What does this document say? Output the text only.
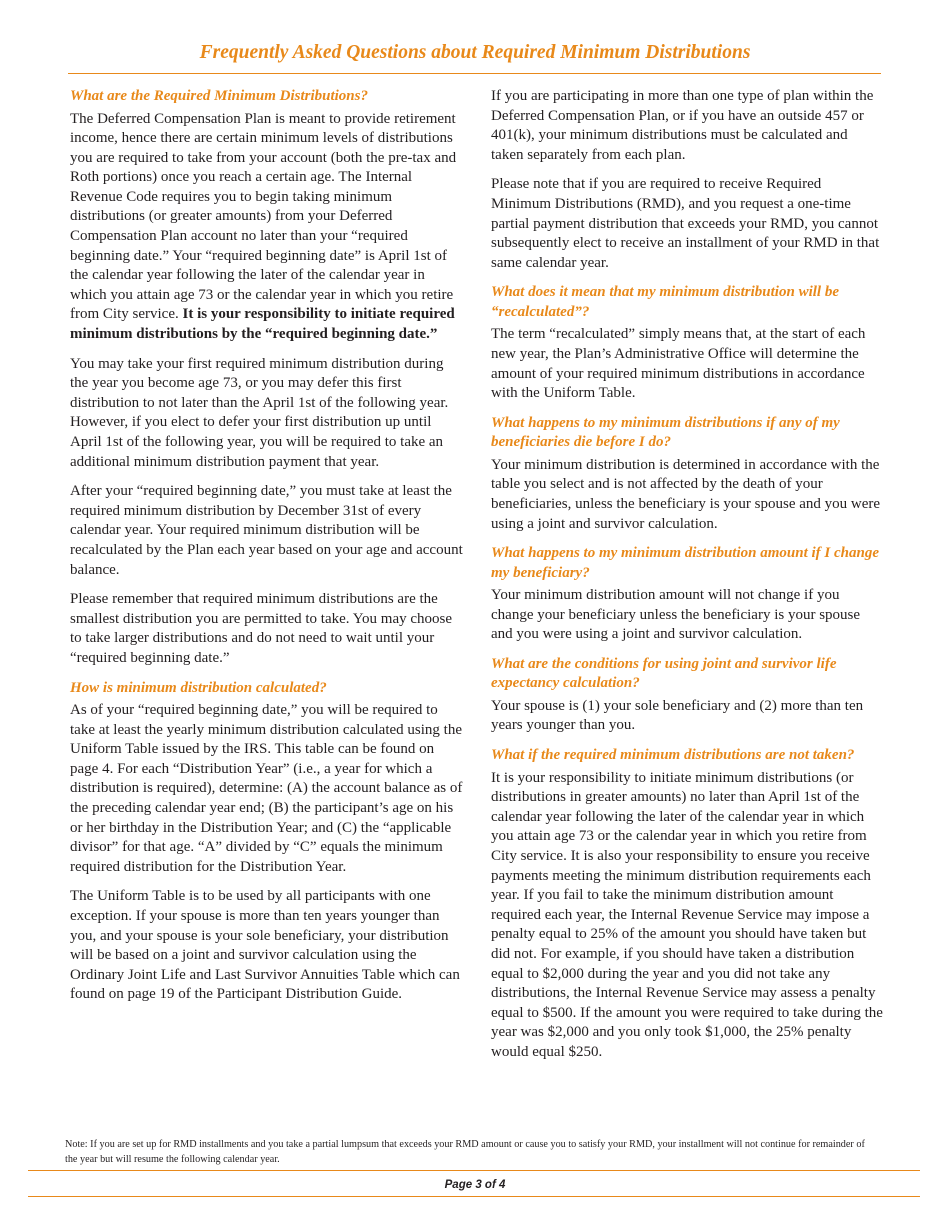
Frequently Asked Questions about Required Minimum Distributions
What are the Required Minimum Distributions?

The Deferred Compensation Plan is meant to provide retirement income, hence there are certain minimum levels of distributions you are required to take from your account (both the pre-tax and Roth portions) once you reach a certain age. The Internal Revenue Code requires you to begin taking minimum distributions (or greater amounts) from your Deferred Compensation Plan account no later than your “required beginning date.” Your “required beginning date” is April 1st of the calendar year following the later of the calendar year in which you attain age 73 or the calendar year in which you retire from City service. It is your responsibility to initiate required minimum distributions by the “required beginning date.”

You may take your first required minimum distribution during the year you become age 73, or you may defer this first distribution to not later than the April 1st of the following year. However, if you elect to defer your first distribution up until April 1st of the following year, you will be required to take an additional minimum distribution payment that year.

After your “required beginning date,” you must take at least the required minimum distribution by December 31st of every calendar year. Your required minimum distribution will be recalculated by the Plan each year based on your age and account balance.

Please remember that required minimum distributions are the smallest distribution you are permitted to take. You may choose to take larger distributions and do not need to wait until your “required beginning date.”

How is minimum distribution calculated?

As of your “required beginning date,” you will be required to take at least the yearly minimum distribution calculated using the Uniform Table issued by the IRS. This table can be found on page 4. For each “Distribution Year” (i.e., a year for which a distribution is required), determine: (A) the account balance as of the preceding calendar year end; (B) the participant’s age on his or her birthday in the Distribution Year; and (C) the “applicable divisor” for that age. “A” divided by “C” equals the minimum required distribution for the Distribution Year.

The Uniform Table is to be used by all participants with one exception. If your spouse is more than ten years younger than you, and your spouse is your sole beneficiary, your distribution will be based on a joint and survivor calculation using the Ordinary Joint Life and Last Survivor Annuities Table which can found on page 19 of the Participant Distribution Guide.

If you are participating in more than one type of plan within the Deferred Compensation Plan, or if you have an outside 457 or 401(k), your minimum distributions must be calculated and taken separately from each plan.

Please note that if you are required to receive Required Minimum Distributions (RMD), and you request a one-time partial payment distribution that exceeds your RMD, you cannot subsequently elect to receive an installment of your RMD in that same calendar year.

What does it mean that my minimum distribution will be “recalculated”?

The term “recalculated” simply means that, at the start of each new year, the Plan’s Administrative Office will determine the amount of your required minimum distributions in accordance with the Uniform Table.

What happens to my minimum distributions if any of my beneficiaries die before I do?

Your minimum distribution is determined in accordance with the table you select and is not affected by the death of your beneficiaries, unless the beneficiary is your spouse and you were using a joint and survivor calculation.

What happens to my minimum distribution amount if I change my beneficiary?

Your minimum distribution amount will not change if you change your beneficiary unless the beneficiary is your spouse and you were using a joint and survivor calculation.

What are the conditions for using joint and survivor life expectancy calculation?

Your spouse is (1) your sole beneficiary and (2) more than ten years younger than you.

What if the required minimum distributions are not taken?

It is your responsibility to initiate minimum distributions (or distributions in greater amounts) no later than April 1st of the calendar year following the later of the calendar year in which you attain age 73 or the calendar year in which you retire from City service. It is also your responsibility to ensure you receive payments meeting the minimum distribution requirements each year. If you fail to take the minimum distribution amount required each year, the Internal Revenue Service may impose a penalty equal to 25% of the amount you should have taken but did not. For example, if you should have taken a distribution equal to $2,000 during the year and you did not take any distributions, the Internal Revenue Service may assess a penalty equal to $500. If the amount you were required to take during the year was $2,000 and you only took $1,000, the 25% penalty would equal $250.

Note: If you are set up for RMD installments and you take a partial lumpsum that exceeds your RMD amount or cause you to satisfy your RMD, your installment will not continue for remainder of the year but will resume the following calendar year.

Page 3 of 4
